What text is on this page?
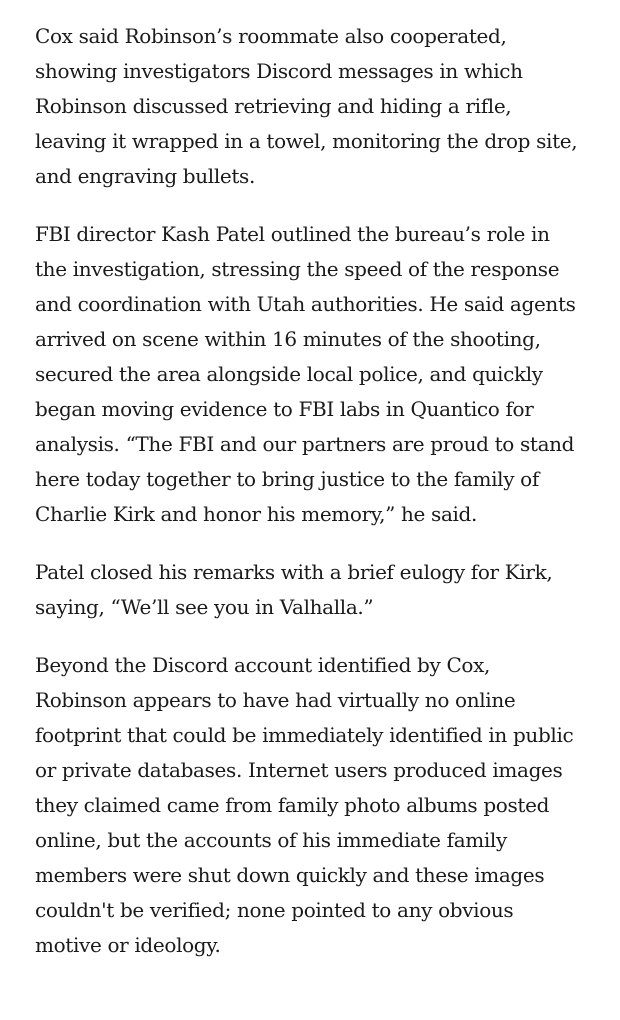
Cox said Robinson’s roommate also cooperated, showing investigators Discord messages in which Robinson discussed retrieving and hiding a rifle, leaving it wrapped in a towel, monitoring the drop site, and engraving bullets.

FBI director Kash Patel outlined the bureau’s role in the investigation, stressing the speed of the response and coordination with Utah authorities. He said agents arrived on scene within 16 minutes of the shooting, secured the area alongside local police, and quickly began moving evidence to FBI labs in Quantico for analysis. “The FBI and our partners are proud to stand here today together to bring justice to the family of Charlie Kirk and honor his memory,” he said.

Patel closed his remarks with a brief eulogy for Kirk, saying, “We’ll see you in Valhalla.”

Beyond the Discord account identified by Cox, Robinson appears to have had virtually no online footprint that could be immediately identified in public or private databases. Internet users produced images they claimed came from family photo albums posted online, but the accounts of his immediate family members were shut down quickly and these images couldn't be verified; none pointed to any obvious motive or ideology.
